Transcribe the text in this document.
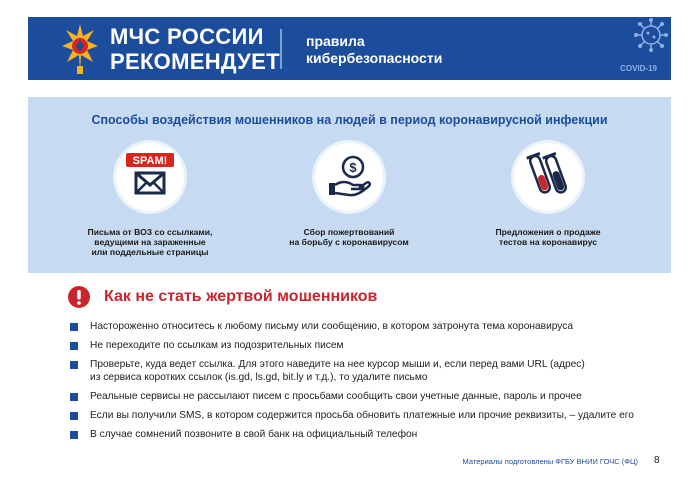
МЧС РОССИИ
РЕКОМЕНДУЕТ
правила
кибербезопасности
COVID-19
Способы воздействия мошенников на людей в период коронавирусной инфекции
SPAM!
Письма от ВОЗ со ссылками,
ведущими на зараженные
или поддельные страницы
$
Сбор пожертвований
на борьбу с коронавирусом
Предложения о продаже
тестов на коронавирус
Как не стать жертвой мошенников
Настороженно относитесь к любому письму или сообщению, в котором затронута тема коронавируса
Не переходите по ссылкам из подозрительных писем
Проверьте, куда ведет ссылка. Для этого наведите на нее курсор мыши и, если перед вами URL (адрес)
из сервиса коротких ссылок (is.gd, ls.gd, bit.ly и т.д.), то удалите письмо
Реальные сервисы не рассылают писем с просьбами сообщить свои учетные данные, пароль и прочее
Если вы получили SMS, в котором содержится просьба обновить платежные или прочие реквизиты, – удалите его
В случае сомнений позвоните в свой банк на официальный телефон
Материалы подготовлены ФГБУ ВНИИ ГОЧС (ФЦ) 8
